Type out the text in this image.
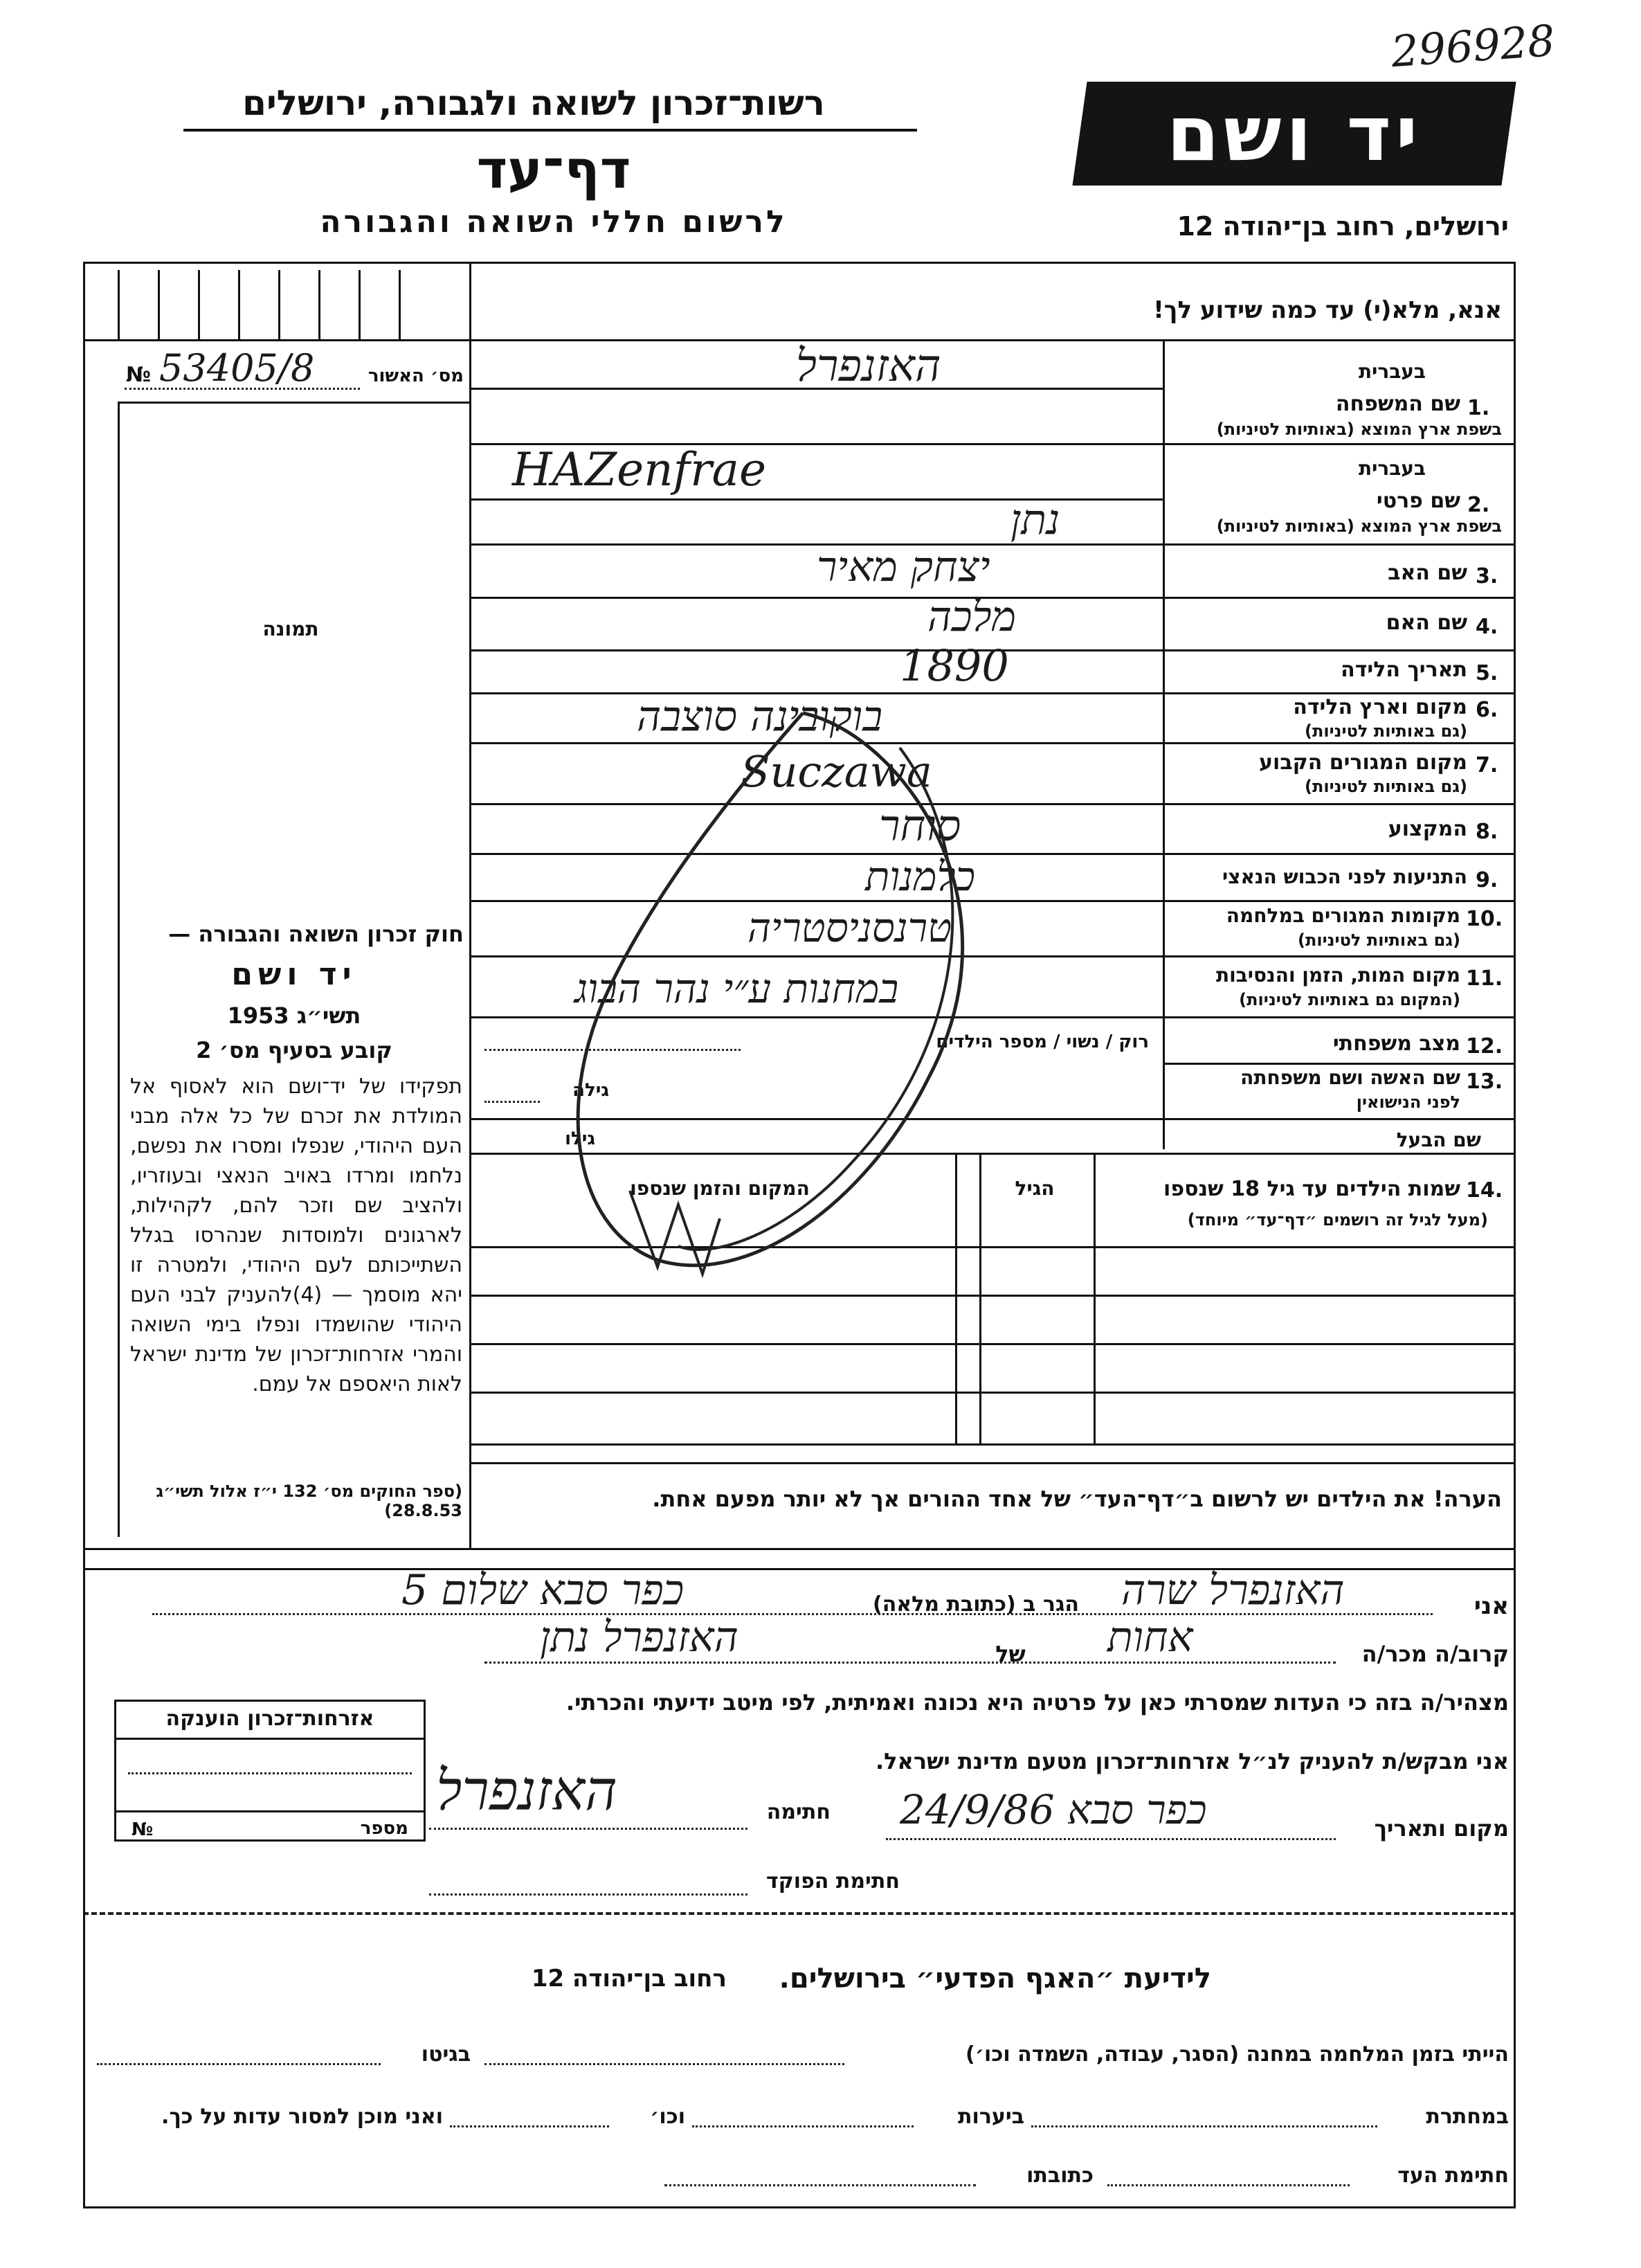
296928
רשות־זכרון לשואה ולגבורה, ירושלים
דף־עד
לרשום חללי השואה והגבורה
יד ושם
ירושלים, רחוב בן־יהודה 12
מס׳ האשור
№ 53405/8
תמונה
חוק זכרון השואה והגבורה —
יד ושם
תשי״ג 1953
קובע בסעיף מס׳ 2
תפקידו של יד־ושם הוא לאסוף אל המולדת את זכרם של כל אלה מבני העם היהודי, שנפלו ומסרו את נפשם, נלחמו ומרדו באויב הנאצי ובעוזריו, ולהציב שם וזכר להם, לקהילות, לארגונים ולמוסדות שנהרסו בגלל השתייכותם לעם היהודי, ולמטרה זו יהא מוסמך — (4)להעניק לבני העם היהודי שהושמדו ונפלו בימי השואה והמרי אזרחות־זכרון של מדינת ישראל לאות היאספם אל עמם.
(ספר החוקים מס׳ 132 י״ז אלול תשי״ג 28.8.53)
אנא, מלא(י) עד כמה שידוע לך!
בעברית
1.
שם המשפחה
בשפת ארץ המוצא (באותיות לטיניות)
האזנפרל
בעברית
2.
שם פרטי
בשפת ארץ המוצא (באותיות לטיניות)
HAZenfrae
נתן
3.
שם האב
יצחק מאיר
4.
שם האם
מלכה
5.
תאריך הלידה
1890
6.
מקום וארץ הלידה
(גם באותיות לטיניות)
בוקובינה סוצבה
7.
מקום המגורים הקבוע
(גם באותיות לטיניות)
Suczawa
8.
המקצוע
סוחר
9.
התניעות לפני הכבוש הנאצי
כלמנות
10.
מקומות המגורים במלחמה
(גם באותיות לטיניות)
טרנסניסטריה
11.
מקום המות, הזמן והנסיבות
(המקום גם באותיות לטיניות)
במחנות ע״י נהר הבוג
12.
מצב משפחתי
רוק / נשוי / מספר הילדים
13.
שם האשה ושם משפחתה
לפני הנישואין
גילה
שם הבעל
גילו
14.
שמות הילדים עד גיל 18 שנספו
(מעל לגיל זה רושמים ״דף־עד״ מיוחד)
הגיל
המקום והזמן שנספו
הערה! את הילדים יש לרשום ב״דף־העד״ של אחד ההורים אך לא יותר מפעם אחת.
אני
האזנפרל שרה
הגר ב (כתובת מלאה)
כפר סבא שלום 5
קרוב/ה מכר/ה
אחות
של
האזנפרל נתן
מצהיר/ה בזה כי העדות שמסרתי כאן על פרטיה היא נכונה ואמיתית, לפי מיטב ידיעתי והכרתי.
אני מבקש/ת להעניק לנ״ל אזרחות־זכרון מטעם מדינת ישראל.
מקום ותאריך
כפר סבא 24/9/86
חתימה
האזנפרל
חתימת הפוקד
אזרחות־זכרון הוענקה
№	מספר
לידיעת ״האגף הפדעי״ בירושלים.
רחוב בן־יהודה 12
הייתי בזמן המלחמה במחנה (הסגר, עבודה, השמדה וכו׳)
בגיטו
במחתרת
ביערות
וכו׳
ואני מוכן למסור עדות על כך.
חתימת העד
כתובתו
